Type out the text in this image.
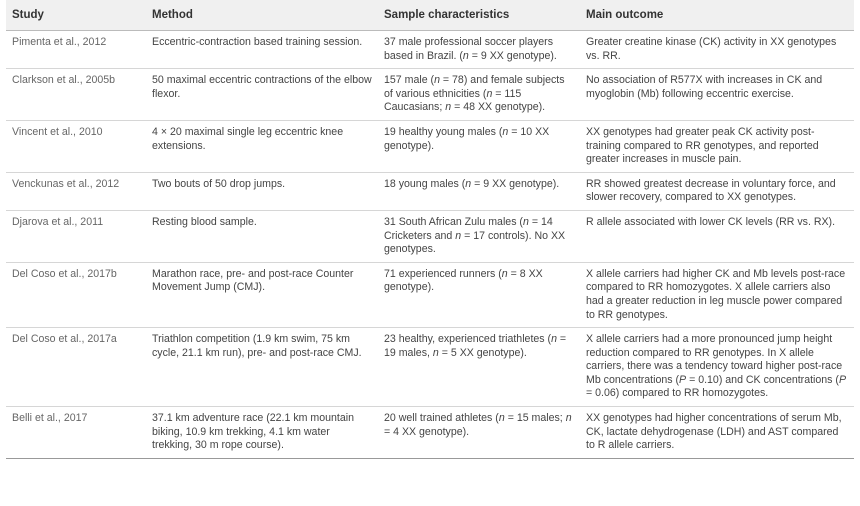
Study	Method	Sample characteristics	Main outcome
Pimenta et al., 2012	Eccentric-contraction based training session.	37 male professional soccer players based in Brazil. (n = 9 XX genotype).	Greater creatine kinase (CK) activity in XX genotypes vs. RR.
Clarkson et al., 2005b	50 maximal eccentric contractions of the elbow flexor.	157 male (n = 78) and female subjects of various ethnicities (n = 115 Caucasians; n = 48 XX genotype).	No association of R577X with increases in CK and myoglobin (Mb) following eccentric exercise.
Vincent et al., 2010	4 × 20 maximal single leg eccentric knee extensions.	19 healthy young males (n = 10 XX genotype).	XX genotypes had greater peak CK activity post-training compared to RR genotypes, and reported greater increases in muscle pain.
Venckunas et al., 2012	Two bouts of 50 drop jumps.	18 young males (n = 9 XX genotype).	RR showed greatest decrease in voluntary force, and slower recovery, compared to XX genotypes.
Djarova et al., 2011	Resting blood sample.	31 South African Zulu males (n = 14 Cricketers and n = 17 controls). No XX genotypes.	R allele associated with lower CK levels (RR vs. RX).
Del Coso et al., 2017b	Marathon race, pre- and post-race Counter Movement Jump (CMJ).	71 experienced runners (n = 8 XX genotype).	X allele carriers had higher CK and Mb levels post-race compared to RR homozygotes. X allele carriers also had a greater reduction in leg muscle power compared to RR genotypes.
Del Coso et al., 2017a	Triathlon competition (1.9 km swim, 75 km cycle, 21.1 km run), pre- and post-race CMJ.	23 healthy, experienced triathletes (n = 19 males, n = 5 XX genotype).	X allele carriers had a more pronounced jump height reduction compared to RR genotypes. In X allele carriers, there was a tendency toward higher post-race Mb concentrations (P = 0.10) and CK concentrations (P = 0.06) compared to RR homozygotes.
Belli et al., 2017	37.1 km adventure race (22.1 km mountain biking, 10.9 km trekking, 4.1 km water trekking, 30 m rope course).	20 well trained athletes (n = 15 males; n = 4 XX genotype).	XX genotypes had higher concentrations of serum Mb, CK, lactate dehydrogenase (LDH) and AST compared to R allele carriers.
